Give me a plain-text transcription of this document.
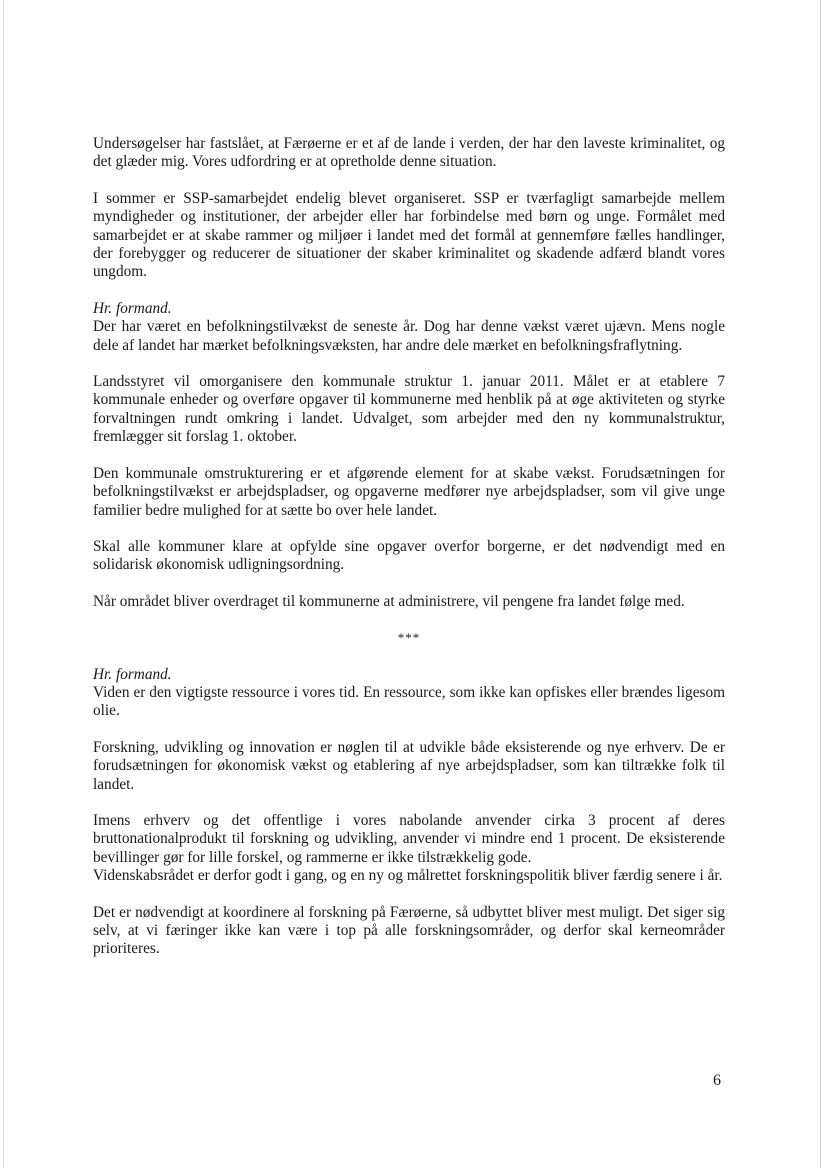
Undersøgelser har fastslået, at Færøerne er et af de lande i verden, der har den laveste kriminalitet, og det glæder mig. Vores udfordring er at opretholde denne situation.

I sommer er SSP-samarbejdet endelig blevet organiseret. SSP er tværfagligt samarbejde mellem myndigheder og institutioner, der arbejder eller har forbindelse med børn og unge. Formålet med samarbejdet er at skabe rammer og miljøer i landet med det formål at gennemføre fælles handlinger, der forebygger og reducerer de situationer der skaber kriminalitet og skadende adfærd blandt vores ungdom.

Hr. formand.

Der har været en befolkningstilvækst de seneste år. Dog har denne vækst været ujævn. Mens nogle dele af landet har mærket befolkningsvæksten, har andre dele mærket en befolkningsfraflytning.

Landsstyret vil omorganisere den kommunale struktur 1. januar 2011. Målet er at etablere 7 kommunale enheder og overføre opgaver til kommunerne med henblik på at øge aktiviteten og styrke forvaltningen rundt omkring i landet. Udvalget, som arbejder med den ny kommunalstruktur, fremlægger sit forslag 1. oktober.

Den kommunale omstrukturering er et afgørende element for at skabe vækst. Forudsætningen for befolkningstilvækst er arbejdspladser, og opgaverne medfører nye arbejdspladser, som vil give unge familier bedre mulighed for at sætte bo over hele landet.

Skal alle kommuner klare at opfylde sine opgaver overfor borgerne, er det nødvendigt med en solidarisk økonomisk udligningsordning.

Når området bliver overdraget til kommunerne at administrere, vil pengene fra landet følge med.

***

Hr. formand.

Viden er den vigtigste ressource i vores tid. En ressource, som ikke kan opfiskes eller brændes ligesom olie.

Forskning, udvikling og innovation er nøglen til at udvikle både eksisterende og nye erhverv. De er forudsætningen for økonomisk vækst og etablering af nye arbejdspladser, som kan tiltrække folk til landet.

Imens erhverv og det offentlige i vores nabolande anvender cirka 3 procent af deres bruttonationalprodukt til forskning og udvikling, anvender vi mindre end 1 procent. De eksisterende bevillinger gør for lille forskel, og rammerne er ikke tilstrækkelig gode.

Videnskabsrådet er derfor godt i gang, og en ny og målrettet forskningspolitik bliver færdig senere i år.

Det er nødvendigt at koordinere al forskning på Færøerne, så udbyttet bliver mest muligt. Det siger sig selv, at vi færinger ikke kan være i top på alle forskningsområder, og derfor skal kerneområder prioriteres.

6
